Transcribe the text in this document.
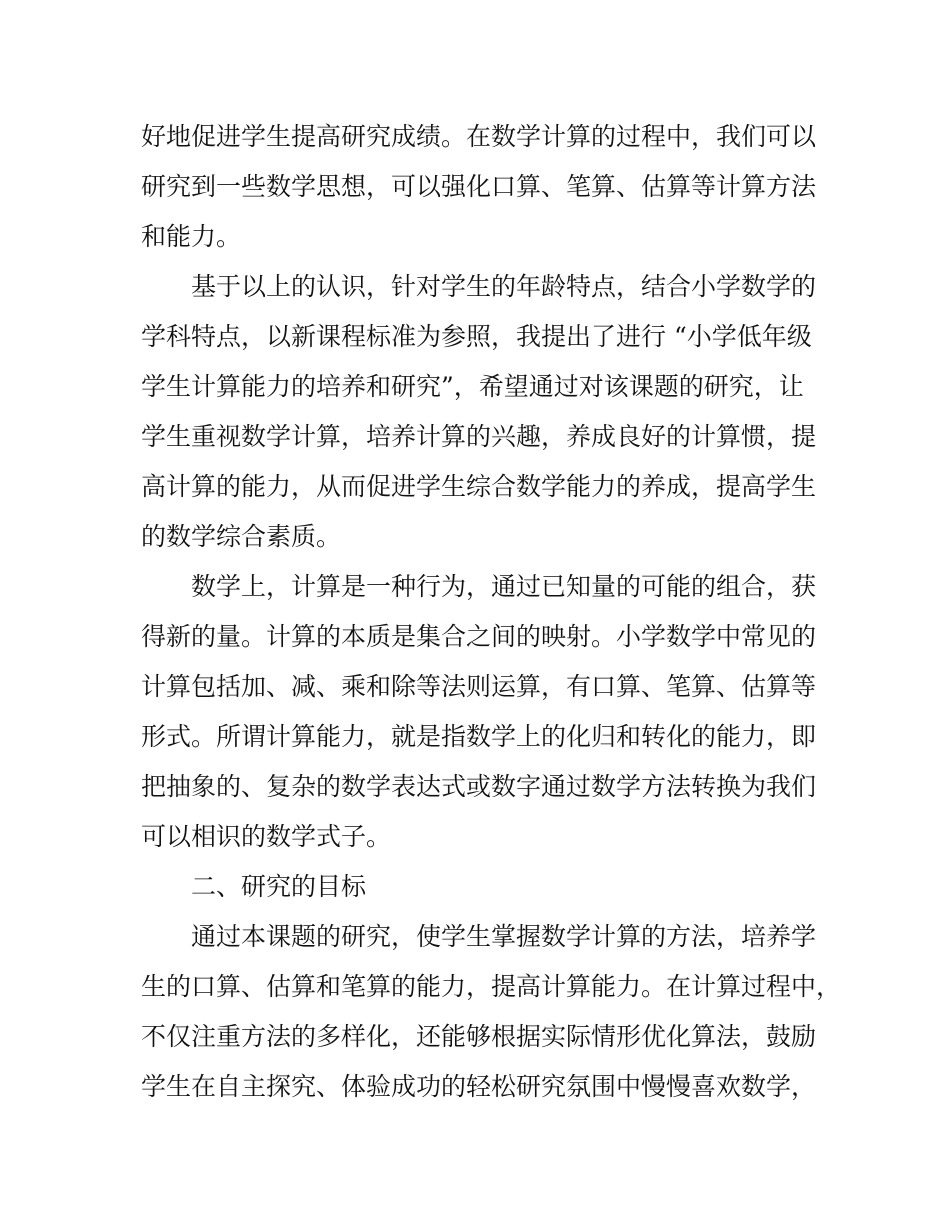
好地促进学生提高研究成绩。在数学计算的过程中，我们可以
研究到一些数学思想，可以强化口算、笔算、估算等计算方法
和能力。
基于以上的认识，针对学生的年龄特点，结合小学数学的
学科特点，以新课程标准为参照，我提出了进行 “小学低年级
学生计算能力的培养和研究”，希望通过对该课题的研究，让
学生重视数学计算，培养计算的兴趣，养成良好的计算惯，提
高计算的能力，从而促进学生综合数学能力的养成，提高学生
的数学综合素质。
数学上，计算是一种行为，通过已知量的可能的组合，获
得新的量。计算的本质是集合之间的映射。小学数学中常见的
计算包括加、减、乘和除等法则运算，有口算、笔算、估算等
形式。所谓计算能力，就是指数学上的化归和转化的能力，即
把抽象的、复杂的数学表达式或数字通过数学方法转换为我们
可以相识的数学式子。
二、研究的目标
通过本课题的研究，使学生掌握数学计算的方法，培养学
生的口算、估算和笔算的能力，提高计算能力。在计算过程中，
不仅注重方法的多样化，还能够根据实际情形优化算法，鼓励
学生在自主探究、体验成功的轻松研究氛围中慢慢喜欢数学，
